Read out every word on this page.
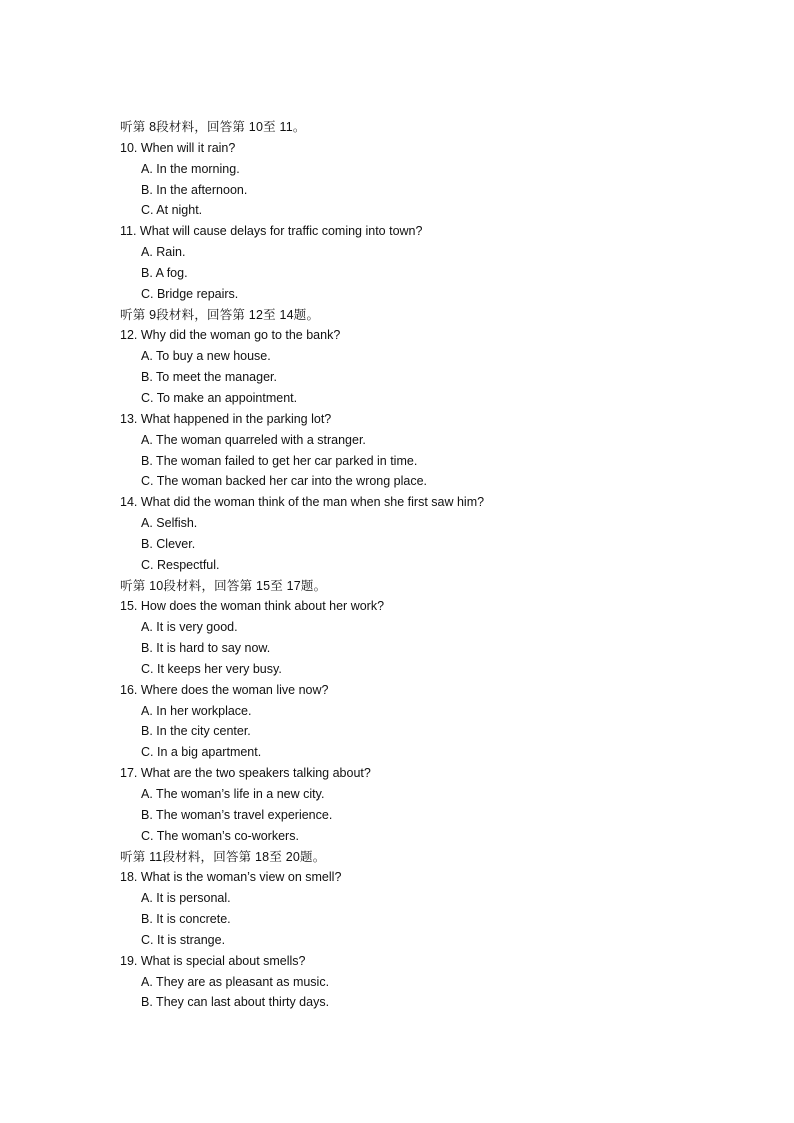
听第 8段材料，回答第 10至 11。
10. When will it rain?
A. In the morning.
B. In the afternoon.
C. At night.
11. What will cause delays for traffic coming into town?
A. Rain.
B. A fog.
C. Bridge repairs.
听第 9段材料，回答第 12至 14题。
12. Why did the woman go to the bank?
A. To buy a new house.
B. To meet the manager.
C. To make an appointment.
13. What happened in the parking lot?
A. The woman quarreled with a stranger.
B. The woman failed to get her car parked in time.
C. The woman backed her car into the wrong place.
14. What did the woman think of the man when she first saw him?
A. Selfish.
B. Clever.
C. Respectful.
听第 10段材料，回答第 15至 17题。
15. How does the woman think about her work?
A. It is very good.
B. It is hard to say now.
C. It keeps her very busy.
16. Where does the woman live now?
A. In her workplace.
B. In the city center.
C. In a big apartment.
17. What are the two speakers talking about?
A. The woman’s life in a new city.
B. The woman’s travel experience.
C. The woman’s co-workers.
听第 11段材料，回答第 18至 20题。
18. What is the woman’s view on smell?
A. It is personal.
B. It is concrete.
C. It is strange.
19. What is special about smells?
A. They are as pleasant as music.
B. They can last about thirty days.
